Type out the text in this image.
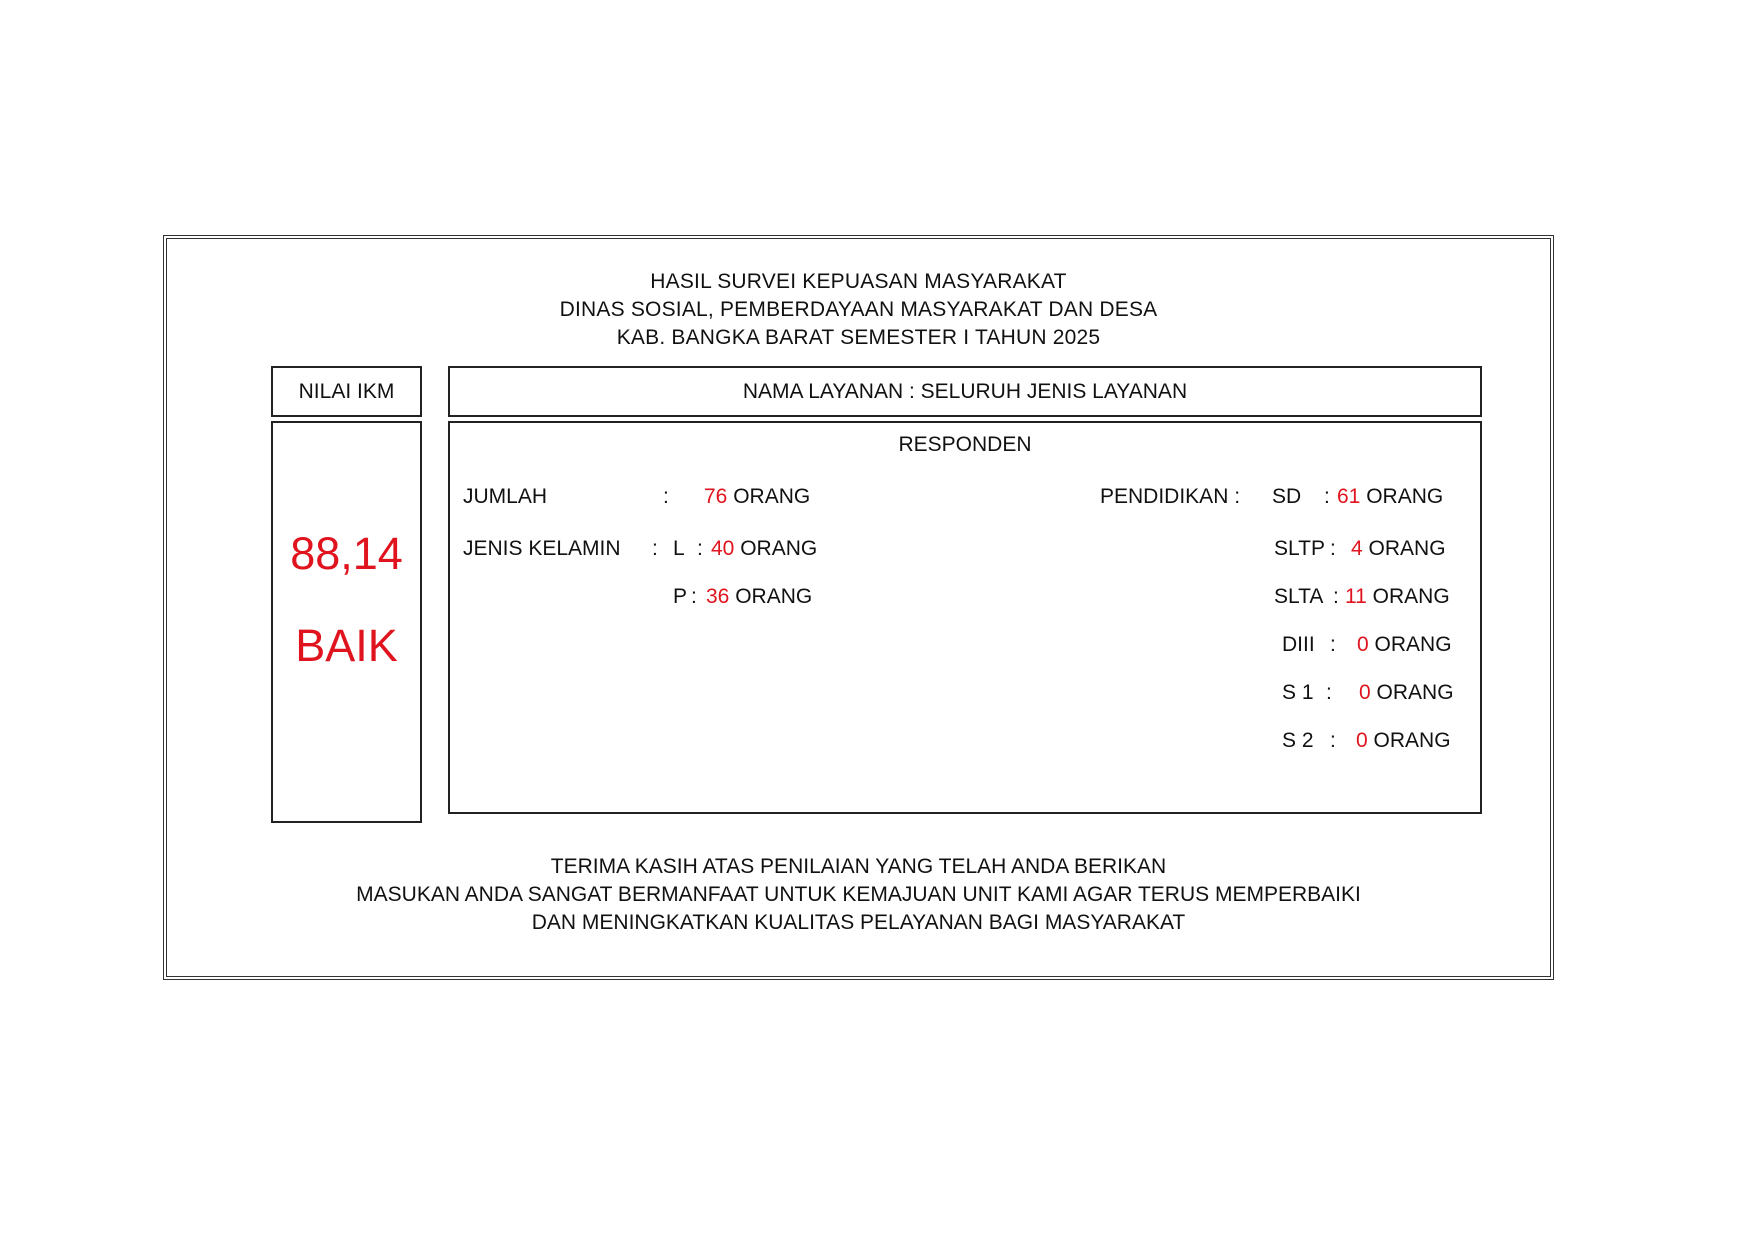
HASIL SURVEI KEPUASAN MASYARAKAT
DINAS SOSIAL, PEMBERDAYAAN MASYARAKAT DAN DESA
KAB. BANGKA BARAT SEMESTER I TAHUN 2025
NILAI IKM
88,14
BAIK
NAMA LAYANAN : SELURUH JENIS LAYANAN
RESPONDEN
JUMLAH	: 76 ORANG
JENIS KELAMIN : L : 40 ORANG
P : 36 ORANG
PENDIDIKAN : SD : 61 ORANG
SLTP : 4 ORANG
SLTA : 11 ORANG
DIII : 0 ORANG
S 1 : 0 ORANG
S 2 : 0 ORANG
TERIMA KASIH ATAS PENILAIAN YANG TELAH ANDA BERIKAN
MASUKAN ANDA SANGAT BERMANFAAT UNTUK KEMAJUAN UNIT KAMI AGAR TERUS MEMPERBAIKI
DAN MENINGKATKAN KUALITAS PELAYANAN BAGI MASYARAKAT
